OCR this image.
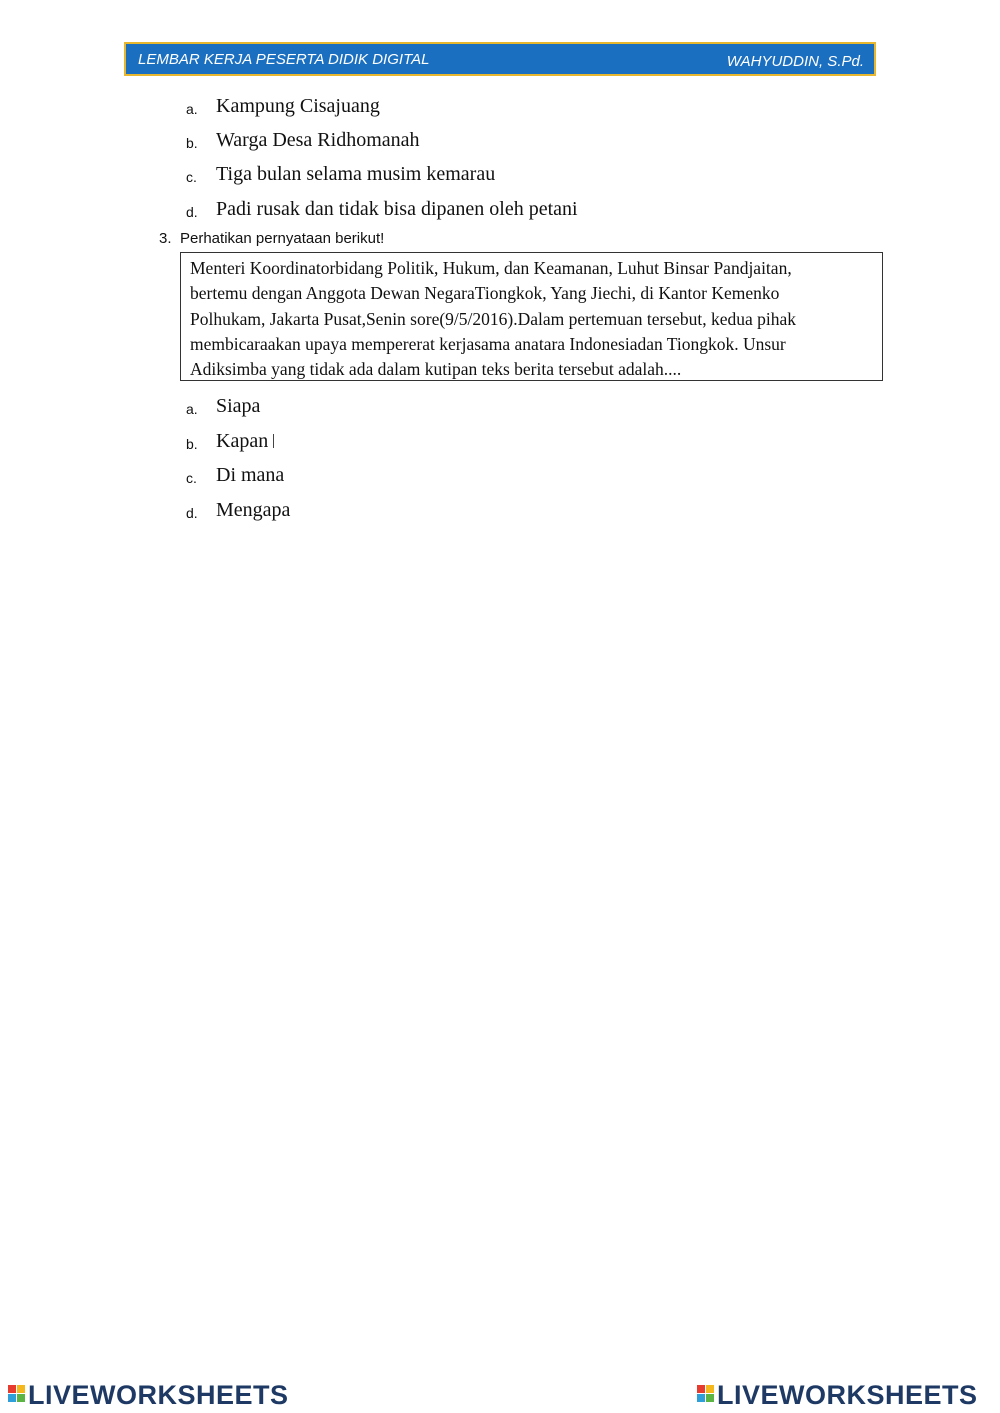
LEMBAR KERJA PESERTA DIDIK DIGITAL	WAHYUDDIN, S.Pd.
a. Kampung Cisajuang
b. Warga Desa Ridhomanah
c. Tiga bulan selama musim kemarau
d. Padi rusak dan tidak bisa dipanen oleh petani
3. Perhatikan pernyataan berikut!

Menteri Koordinatorbidang Politik, Hukum, dan Keamanan, Luhut Binsar Pandjaitan,

bertemu dengan Anggota Dewan NegaraTiongkok, Yang Jiechi, di Kantor Kemenko

Polhukam, Jakarta Pusat,Senin sore(9/5/2016).Dalam pertemuan tersebut, kedua pihak

membicaraakan upaya mempererat kerjasama anatara Indonesiadan Tiongkok. Unsur

Adiksimba yang tidak ada dalam kutipan teks berita tersebut adalah....

a. Siapa
b. Kapan
c. Di mana
d. Mengapa
LIVEWORKSHEETS	LIVEWORKSHEETS
